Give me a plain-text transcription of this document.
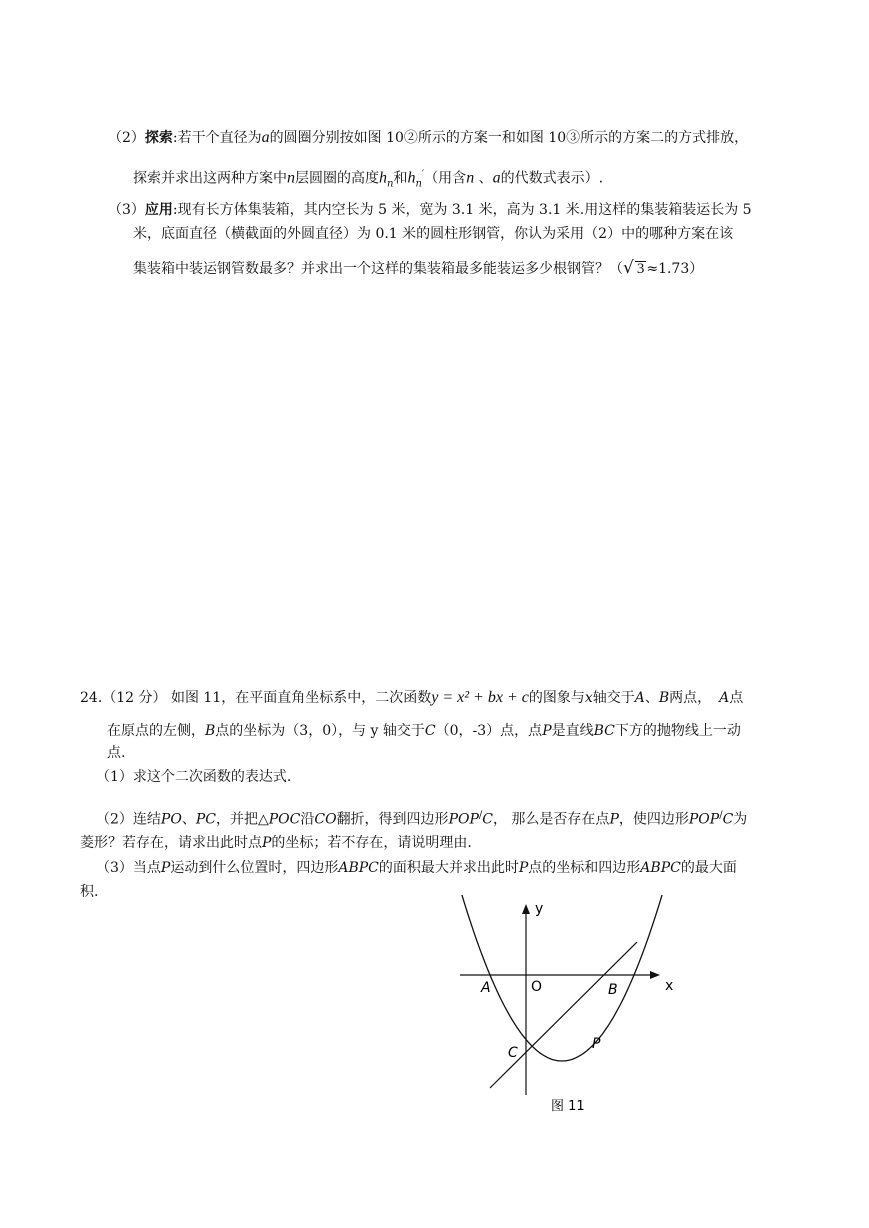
（2）探索:若干个直径为a的圆圈分别按如图 10②所示的方案一和如图 10③所示的方案二的方式排放，
探索并求出这两种方案中n层圆圈的高度$h_n$和$h_n'$（用含n 、a的代数式表示）.
（3）应用:现有长方体集装箱，其内空长为 5 米，宽为 3.1 米，高为 3.1 米.用这样的集装箱装运长为 5
米，底面直径（横截面的外圆直径）为 0.1 米的圆柱形钢管，你认为采用（2）中的哪种方案在该
集装箱中装运钢管数最多？并求出一个这样的集装箱最多能装运多少根钢管？（√ 3 ≈1.73）
24.（12 分） 如图 11，在平面直角坐标系中，二次函数y = x² + bx + c的图象与x轴交于A、B两点， A点
在原点的左侧，B点的坐标为（3，0），与 y 轴交于C（0，-3）点，点P是直线BC下方的抛物线上一动
点.
（1）求这个二次函数的表达式.
（2）连结PO、PC，并把△POC沿CO翻折，得到四边形POP/C， 那么是否存在点P，使四边形POP/C为
菱形？若存在，请求出此时点P的坐标；若不存在，请说明理由.
（3）当点P运动到什么位置时，四边形ABPC的面积最大并求出此时P点的坐标和四边形ABPC的最大面
积.
y
x
O
A	B
C
P
图 11
